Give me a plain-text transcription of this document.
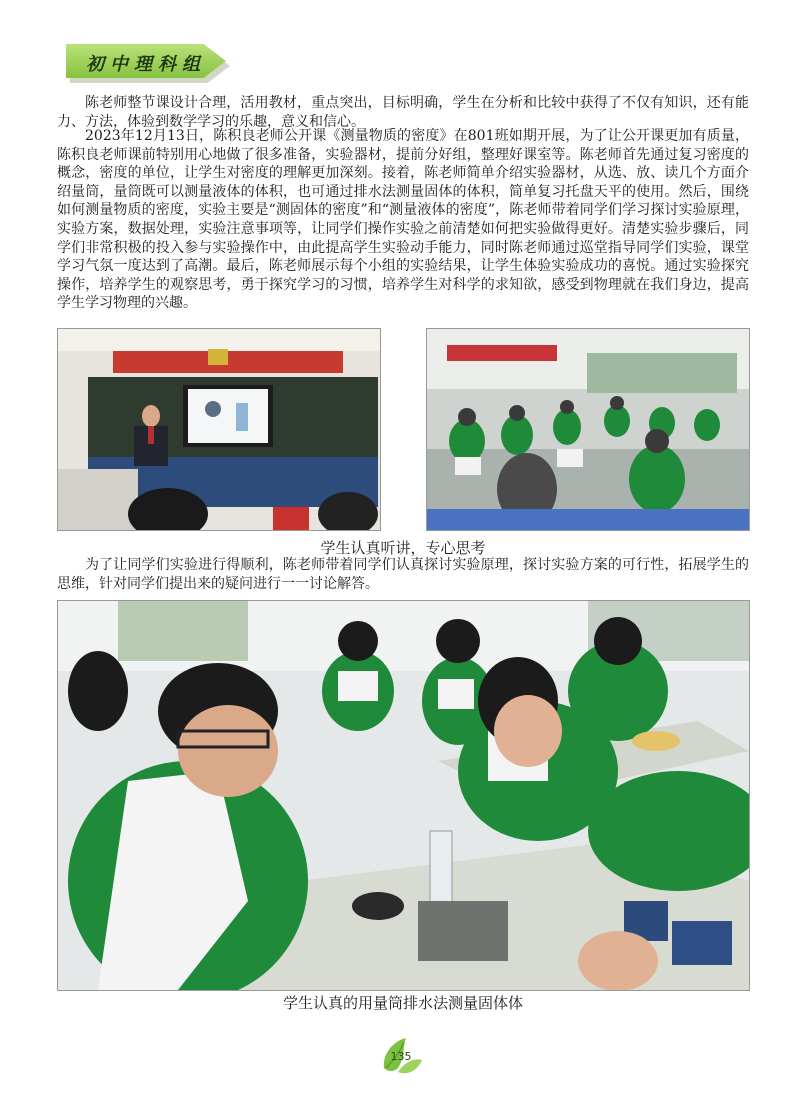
初中理科组

陈老师整节课设计合理，活用教材，重点突出，目标明确，学生在分析和比较中获得了不仅有知识，还有能力、方法，体验到数学学习的乐趣，意义和信心。

2023年12月13日，陈积良老师公开课《测量物质的密度》在801班如期开展，为了让公开课更加有质量，陈积良老师课前特别用心地做了很多准备，实验器材，提前分好组，整理好课室等。陈老师首先通过复习密度的概念，密度的单位，让学生对密度的理解更加深刻。接着，陈老师简单介绍实验器材，从选、放、读几个方面介绍量筒，量筒既可以测量液体的体积，也可通过排水法测量固体的体积，简单复习托盘天平的使用。然后，围绕如何测量物质的密度，实验主要是“测固体的密度”和“测量液体的密度”，陈老师带着同学们学习探讨实验原理，实验方案，数据处理，实验注意事项等，让同学们操作实验之前清楚如何把实验做得更好。清楚实验步骤后，同学们非常积极的投入参与实验操作中，由此提高学生实验动手能力，同时陈老师通过巡堂指导同学们实验，课堂学习气氛一度达到了高潮。最后，陈老师展示每个小组的实验结果，让学生体验实验成功的喜悦。通过实验探究操作，培养学生的观察思考，勇于探究学习的习惯，培养学生对科学的求知欲，感受到物理就在我们身边，提高学生学习物理的兴趣。

学生认真听讲，专心思考

为了让同学们实验进行得顺利，陈老师带着同学们认真探讨实验原理，探讨实验方案的可行性，拓展学生的思维，针对同学们提出来的疑问进行一一讨论解答。

学生认真的用量筒排水法测量固体体
135
